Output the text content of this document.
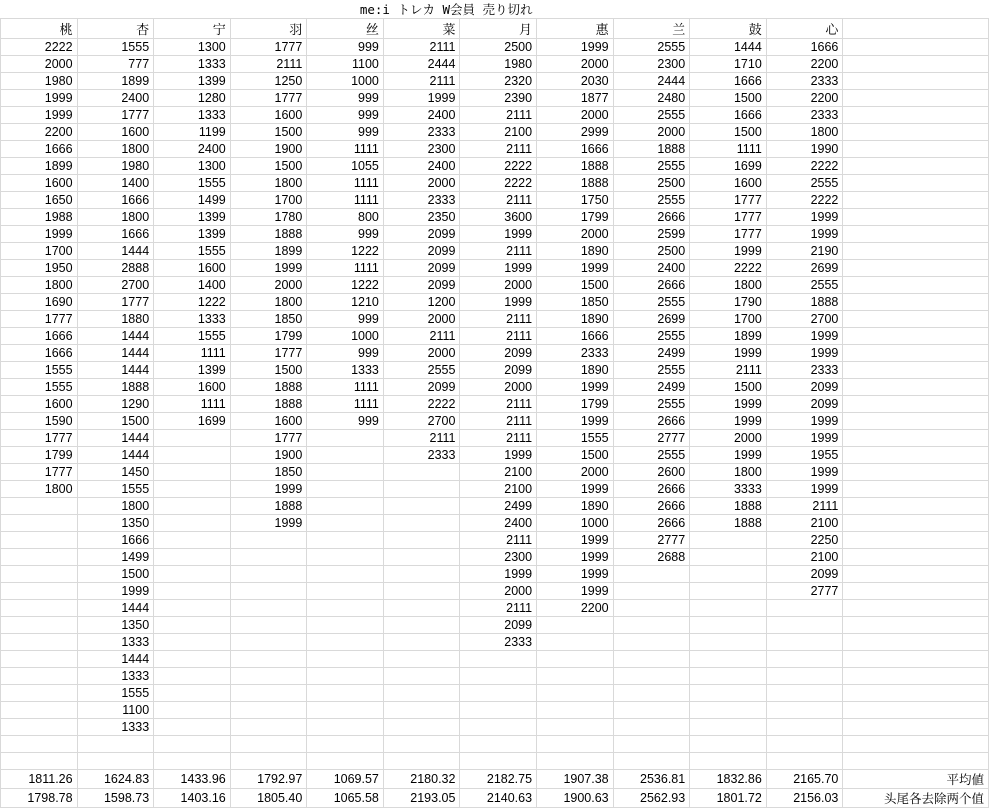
				me:i トレカ W会員 売り切れ							
桃	杏	宁	羽	丝	菜	月	惠	兰	鼓	心	
2222	1555	1300	1777	999	2111	2500	1999	2555	1444	1666	
2000	777	1333	2111	1100	2444	1980	2000	2300	1710	2200	
1980	1899	1399	1250	1000	2111	2320	2030	2444	1666	2333	
1999	2400	1280	1777	999	1999	2390	1877	2480	1500	2200	
1999	1777	1333	1600	999	2400	2111	2000	2555	1666	2333	
2200	1600	1199	1500	999	2333	2100	2999	2000	1500	1800	
1666	1800	2400	1900	1111	2300	2111	1666	1888	1111	1990	
1899	1980	1300	1500	1055	2400	2222	1888	2555	1699	2222	
1600	1400	1555	1800	1111	2000	2222	1888	2500	1600	2555	
1650	1666	1499	1700	1111	2333	2111	1750	2555	1777	2222	
1988	1800	1399	1780	800	2350	3600	1799	2666	1777	1999	
1999	1666	1399	1888	999	2099	1999	2000	2599	1777	1999	
1700	1444	1555	1899	1222	2099	2111	1890	2500	1999	2190	
1950	2888	1600	1999	1111	2099	1999	1999	2400	2222	2699	
1800	2700	1400	2000	1222	2099	2000	1500	2666	1800	2555	
1690	1777	1222	1800	1210	1200	1999	1850	2555	1790	1888	
1777	1880	1333	1850	999	2000	2111	1890	2699	1700	2700	
1666	1444	1555	1799	1000	2111	2111	1666	2555	1899	1999	
1666	1444	1111	1777	999	2000	2099	2333	2499	1999	1999	
1555	1444	1399	1500	1333	2555	2099	1890	2555	2111	2333	
1555	1888	1600	1888	1111	2099	2000	1999	2499	1500	2099	
1600	1290	1111	1888	1111	2222	2111	1799	2555	1999	2099	
1590	1500	1699	1600	999	2700	2111	1999	2666	1999	1999	
1777	1444		1777		2111	2111	1555	2777	2000	1999	
1799	1444		1900		2333	1999	1500	2555	1999	1955	
1777	1450		1850			2100	2000	2600	1800	1999	
1800	1555		1999			2100	1999	2666	3333	1999	
	1800		1888			2499	1890	2666	1888	2111	
	1350		1999			2400	1000	2666	1888	2100	
	1666					2111	1999	2777		2250	
	1499					2300	1999	2688		2100	
	1500					1999	1999			2099	
	1999					2000	1999			2777	
	1444					2111	2200				
	1350					2099					
	1333					2333					
	1444										
	1333										
	1555										
	1100										
	1333										

1811.26	1624.83	1433.96	1792.97	1069.57	2180.32	2182.75	1907.38	2536.81	1832.86	2165.70	平均値
1798.78	1598.73	1403.16	1805.40	1065.58	2193.05	2140.63	1900.63	2562.93	1801.72	2156.03	头尾各去除两个值
